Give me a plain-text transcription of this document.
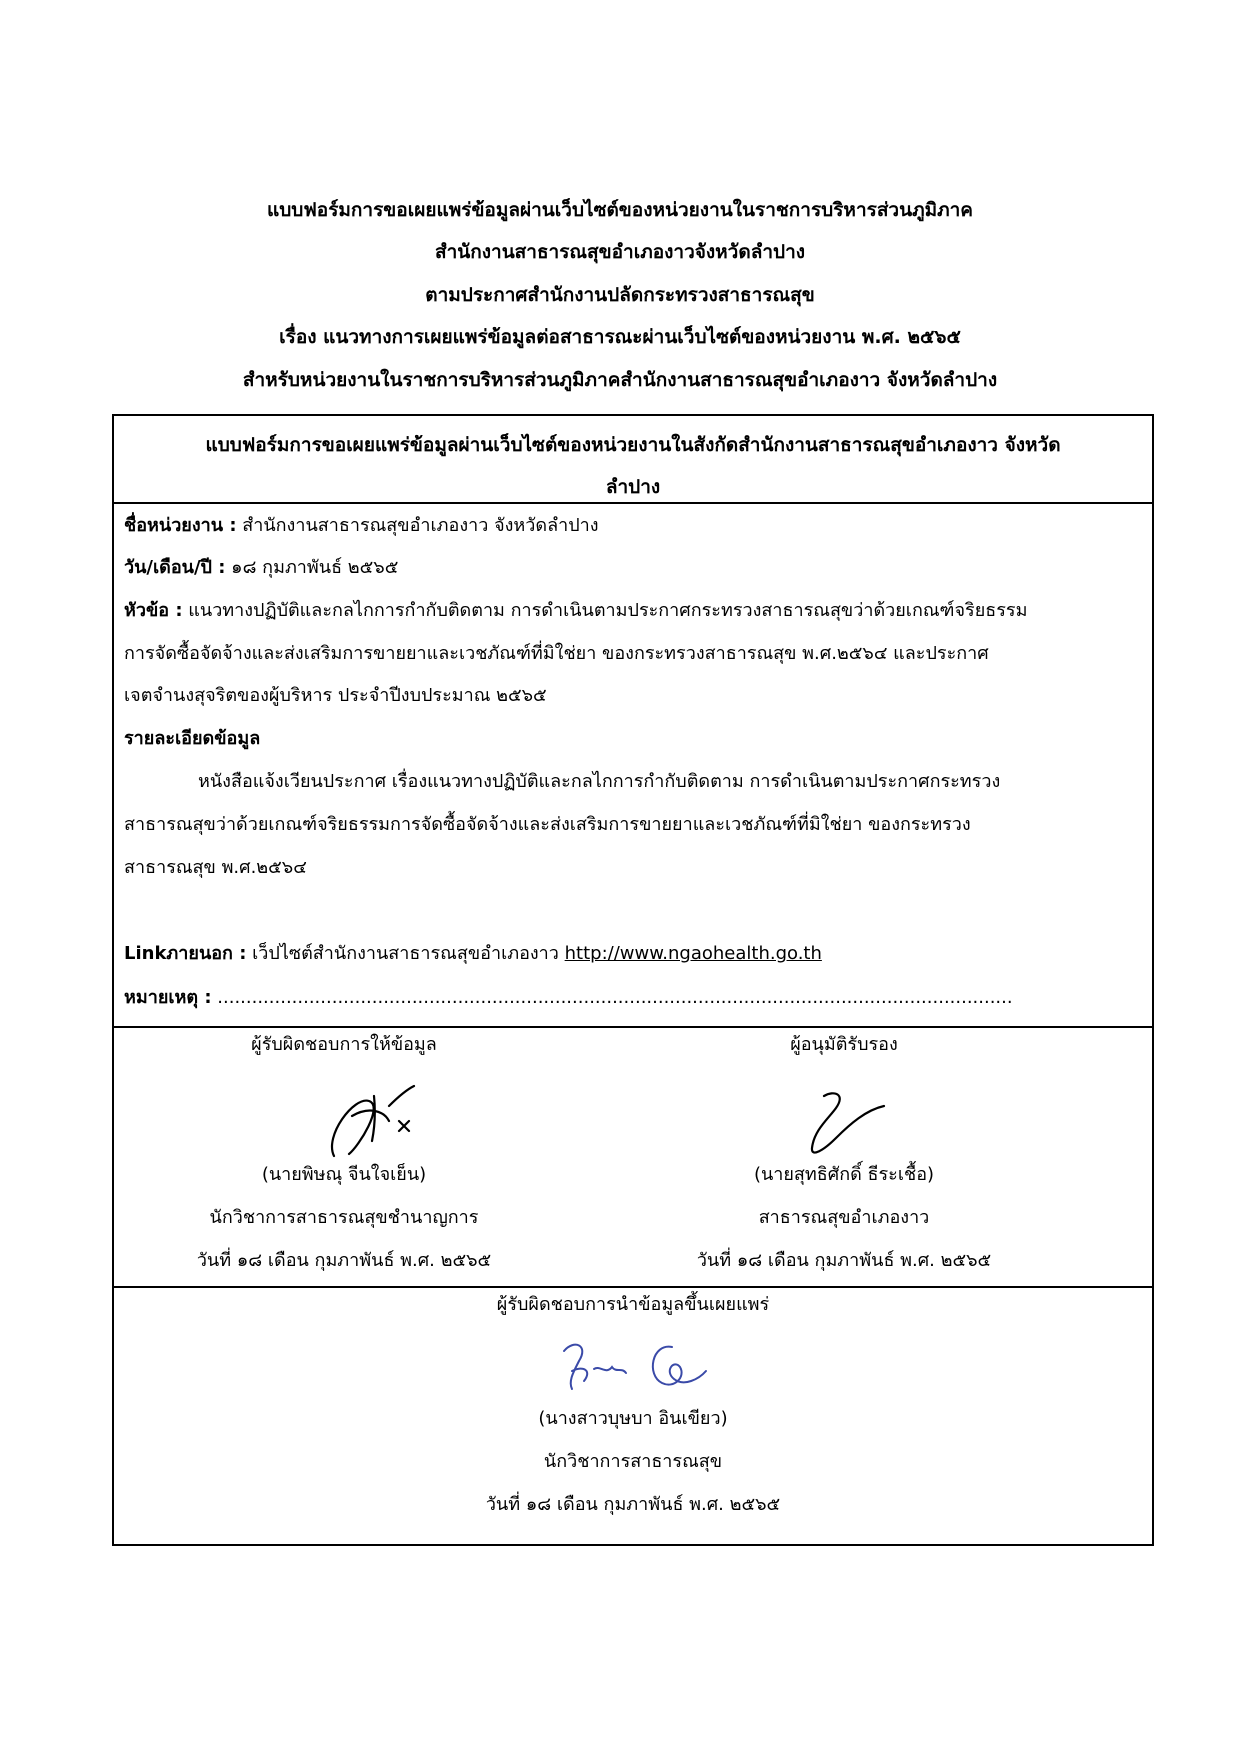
แบบฟอร์มการขอเผยแพร่ข้อมูลผ่านเว็บไซต์ของหน่วยงานในราชการบริหารส่วนภูมิภาค
สำนักงานสาธารณสุขอำเภองาวจังหวัดลำปาง
ตามประกาศสำนักงานปลัดกระทรวงสาธารณสุข
เรื่อง แนวทางการเผยแพร่ข้อมูลต่อสาธารณะผ่านเว็บไซต์ของหน่วยงาน พ.ศ. ๒๕๖๕
สำหรับหน่วยงานในราชการบริหารส่วนภูมิภาคสำนักงานสาธารณสุขอำเภองาว จังหวัดลำปาง
แบบฟอร์มการขอเผยแพร่ข้อมูลผ่านเว็บไซต์ของหน่วยงานในสังกัดสำนักงานสาธารณสุขอำเภองาว จังหวัด
ลำปาง
ชื่อหน่วยงาน : สำนักงานสาธารณสุขอำเภองาว จังหวัดลำปาง
วัน/เดือน/ปี : ๑๘ กุมภาพันธ์ ๒๕๖๕
หัวข้อ : แนวทางปฏิบัติและกลไกการกำกับติดตาม การดำเนินตามประกาศกระทรวงสาธารณสุขว่าด้วยเกณฑ์จริยธรรม
การจัดซื้อจัดจ้างและส่งเสริมการขายยาและเวชภัณฑ์ที่มิใช่ยา ของกระทรวงสาธารณสุข พ.ศ.๒๕๖๔ และประกาศ
เจตจำนงสุจริตของผู้บริหาร ประจำปีงบประมาณ ๒๕๖๕
รายละเอียดข้อมูล
หนังสือแจ้งเวียนประกาศ เรื่องแนวทางปฏิบัติและกลไกการกำกับติดตาม การดำเนินตามประกาศกระทรวง
สาธารณสุขว่าด้วยเกณฑ์จริยธรรมการจัดซื้อจัดจ้างและส่งเสริมการขายยาและเวชภัณฑ์ที่มิใช่ยา ของกระทรวง
สาธารณสุข พ.ศ.๒๕๖๔
Linkภายนอก : เว็ปไซต์สำนักงานสาธารณสุขอำเภองาว http://www.ngaohealth.go.th
หมายเหตุ : ...........................................................................................................................................
ผู้รับผิดชอบการให้ข้อมูล
(นายพิษณุ จีนใจเย็น)
นักวิชาการสาธารณสุขชำนาญการ
วันที่ ๑๘ เดือน กุมภาพันธ์ พ.ศ. ๒๕๖๕
ผู้อนุมัติรับรอง
(นายสุทธิศักดิ์ ธีระเชื้อ)
สาธารณสุขอำเภองาว
วันที่ ๑๘ เดือน กุมภาพันธ์ พ.ศ. ๒๕๖๕
ผู้รับผิดชอบการนำข้อมูลขึ้นเผยแพร่
(นางสาวบุษบา อินเขียว)
นักวิชาการสาธารณสุข
วันที่ ๑๘ เดือน กุมภาพันธ์ พ.ศ. ๒๕๖๕
